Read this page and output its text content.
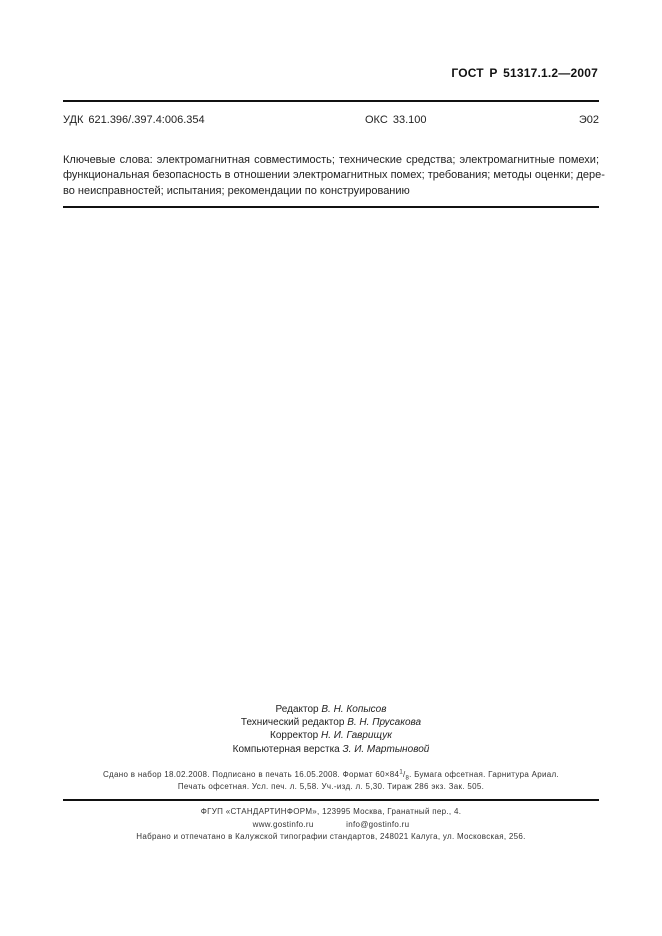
ГОСТ Р 51317.1.2—2007
УДК 621.396/.397.4:006.354	ОКС 33.100	Э02
Ключевые слова: электромагнитная совместимость; технические средства; электромагнитные помехи;
функциональная безопасность в отношении электромагнитных помех; требования; методы оценки; дере-
во неисправностей; испытания; рекомендации по конструированию
Редактор В. Н. Копысов
Технический редактор В. Н. Прусакова
Корректор Н. И. Гаврищук
Компьютерная верстка З. И. Мартыновой
Сдано в набор 18.02.2008. Подписано в печать 16.05.2008. Формат $60\times 84^1/_8$. Бумага офсетная. Гарнитура Ариал.
Печать офсетная. Усл. печ. л. 5,58. Уч.-изд. л. 5,30. Тираж 286 экз. Зак. 505.
ФГУП «СТАНДАРТИНФОРМ», 123995 Москва, Гранатный пер., 4.
www.gostinfo.ru	info@gostinfo.ru
Набрано и отпечатано в Калужской типографии стандартов, 248021 Калуга, ул. Московская, 256.
